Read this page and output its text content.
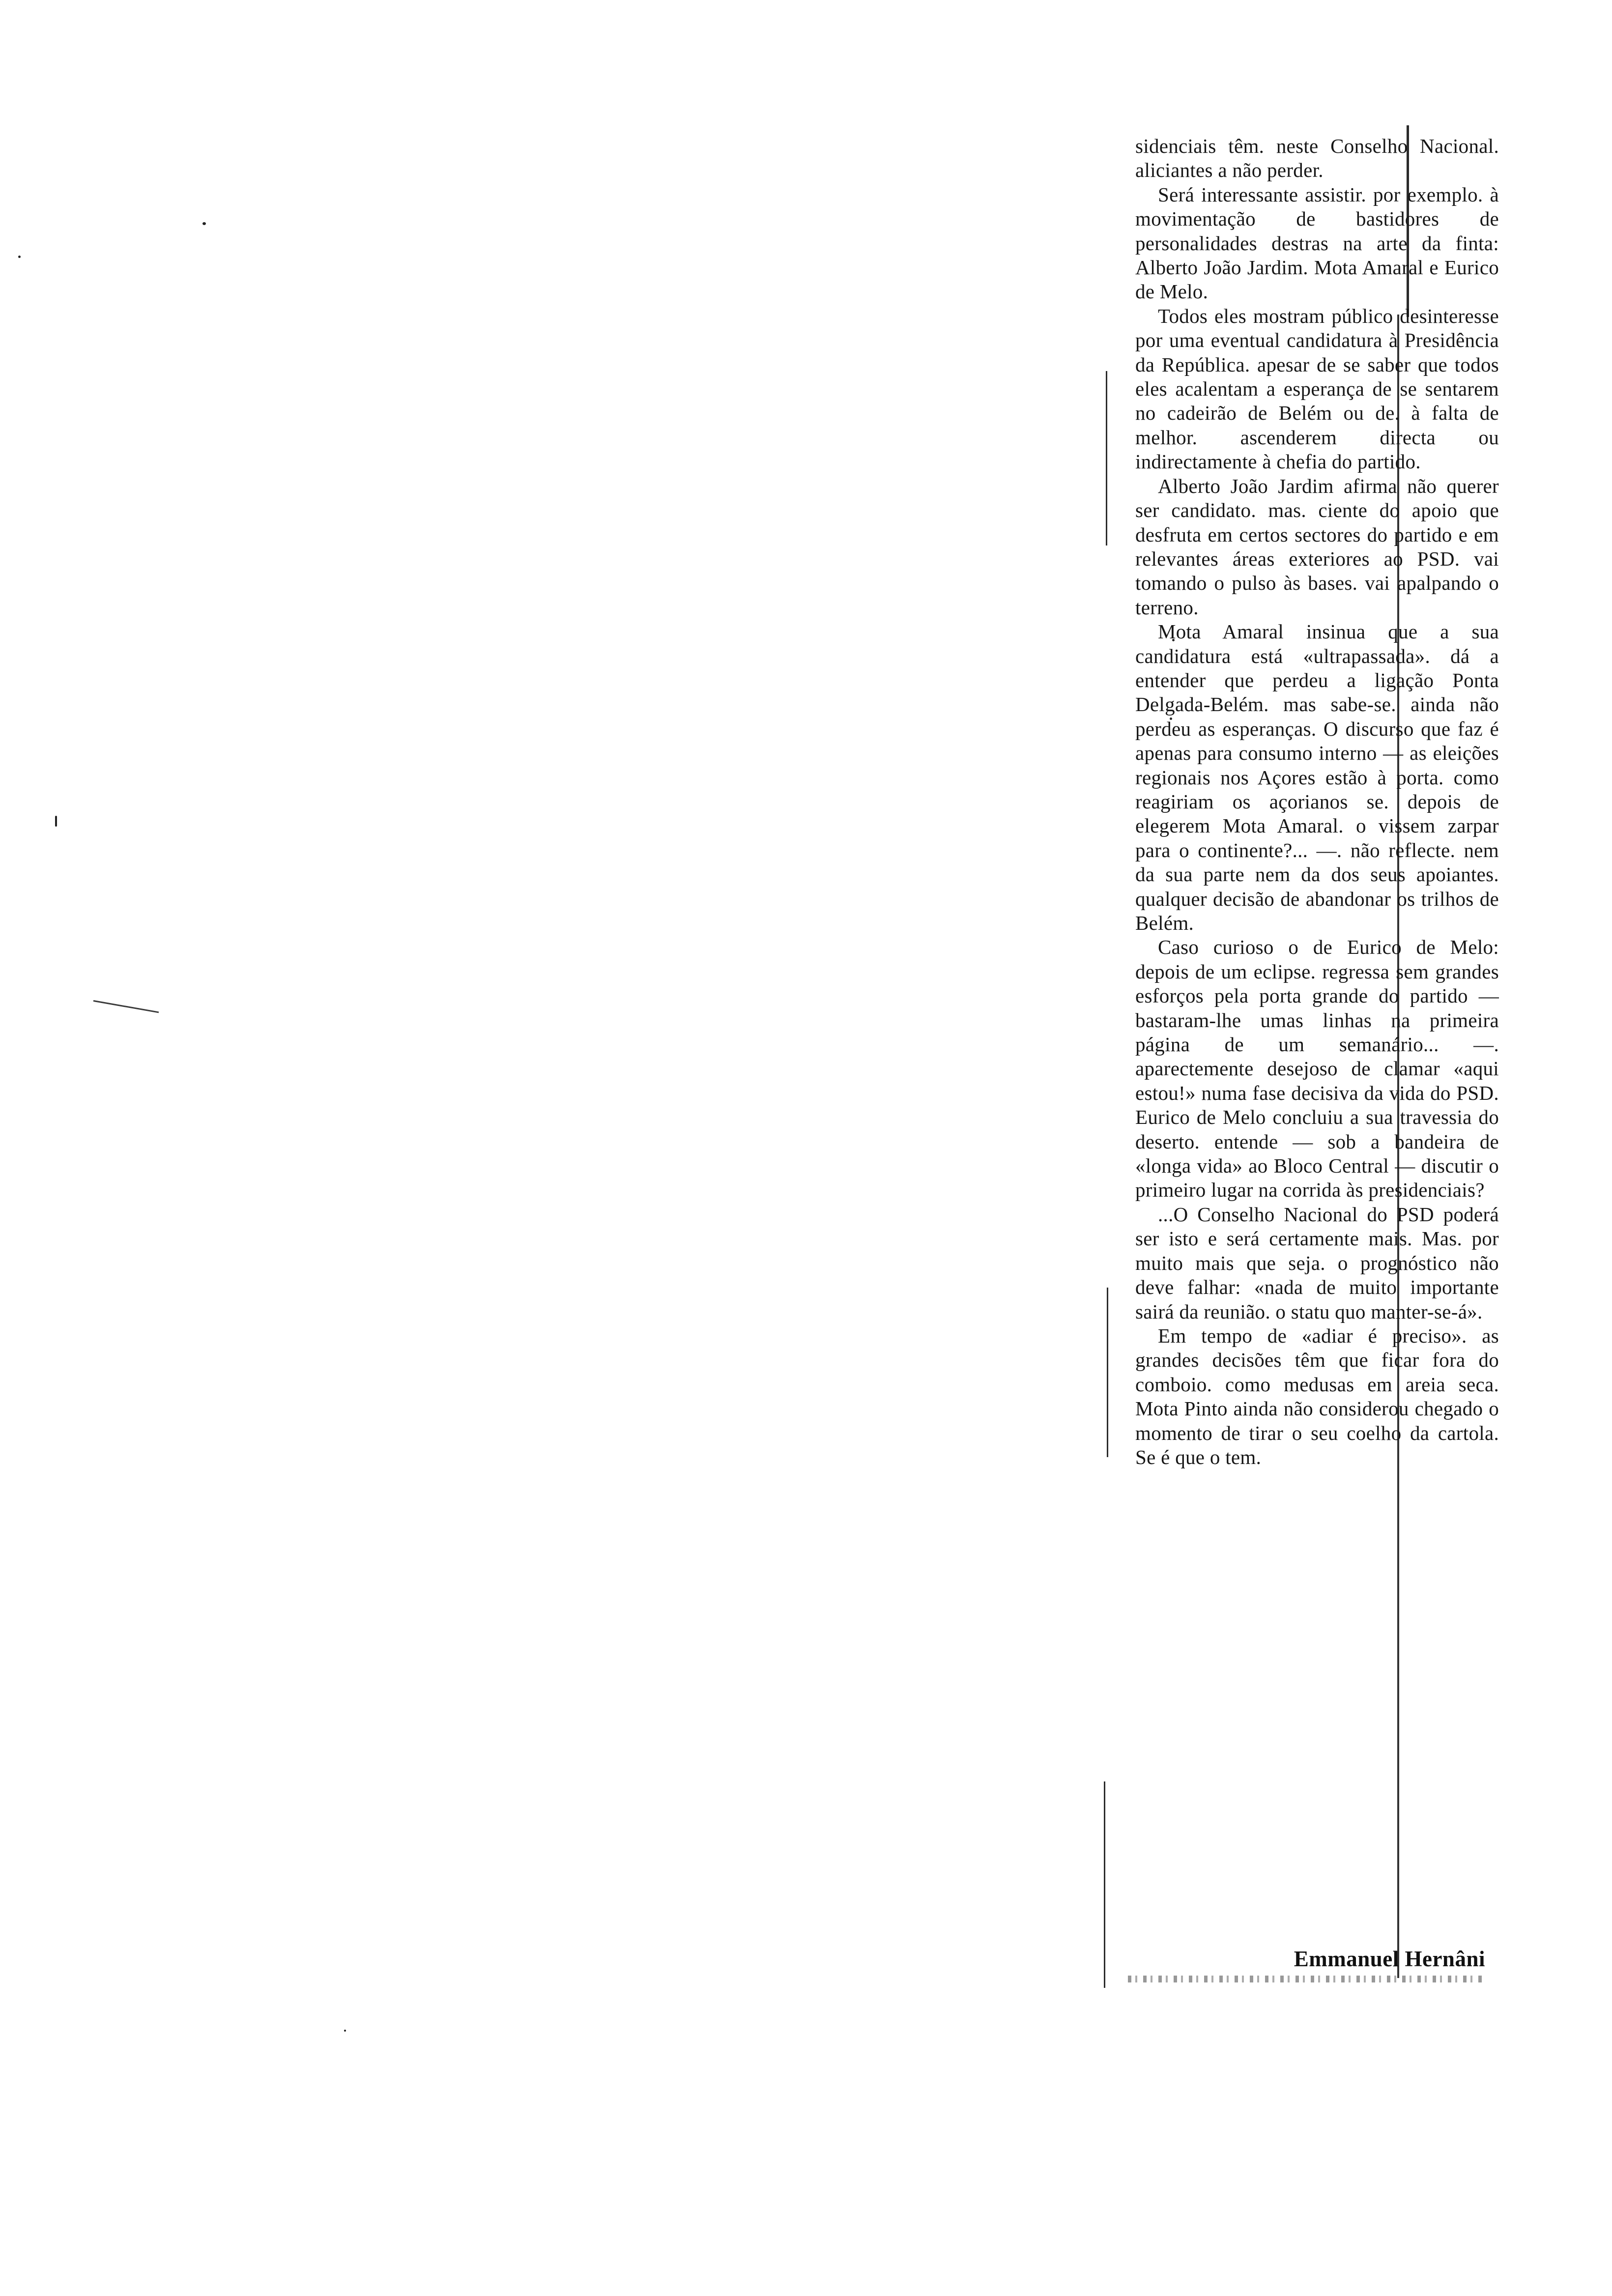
sidenciais têm. neste Conselho Nacional. aliciantes a não perder.

Será interessante assistir. por exemplo. à movimentação de bastidores de personalidades destras na arte da finta: Alberto João Jardim. Mota Amaral e Eurico de Melo.

Todos eles mostram público desinteresse por uma eventual candidatura à Presidência da República. apesar de se saber que todos eles acalentam a esperança de se sentarem no cadeirão de Belém ou de. à falta de melhor. ascenderem directa ou indirectamente à chefia do partido.

Alberto João Jardim afirma não querer ser candidato. mas. ciente do apoio que desfruta em certos sectores do partido e em relevantes áreas exteriores ao PSD. vai tomando o pulso às bases. vai apalpando o terreno.

Mota Amaral insinua que a sua candidatura está «ultrapassada». dá a entender que perdeu a ligação Ponta Delgada-Belém. mas sabe-se. ainda não perdeu as esperanças. O discurso que faz é apenas para consumo interno — as eleições regionais nos Açores estão à porta. como reagiriam os açorianos se. depois de elegerem Mota Amaral. o vissem zarpar para o continente?... —. não reflecte. nem da sua parte nem da dos seus apoiantes. qualquer decisão de abandonar os trilhos de Belém.

Caso curioso o de Eurico de Melo: depois de um eclipse. regressa sem grandes esforços pela porta grande do partido — bastaram-lhe umas linhas na primeira página de um semanário... —. aparectemente desejoso de clamar «aqui estou!» numa fase decisiva da vida do PSD. Eurico de Melo concluiu a sua travessia do deserto. entende — sob a bandeira de «longa vida» ao Bloco Central — discutir o primeiro lugar na corrida às presidenciais?

...O Conselho Nacional do PSD poderá ser isto e será certamente mais. Mas. por muito mais que seja. o prognóstico não deve falhar: «nada de muito importante sairá da reunião. o statu quo manter-se-á».

Em tempo de «adiar é preciso». as grandes decisões têm que ficar fora do comboio. como medusas em areia seca. Mota Pinto ainda não considerou chegado o momento de tirar o seu coelho da cartola. Se é que o tem.

Emmanuel Hernâni
